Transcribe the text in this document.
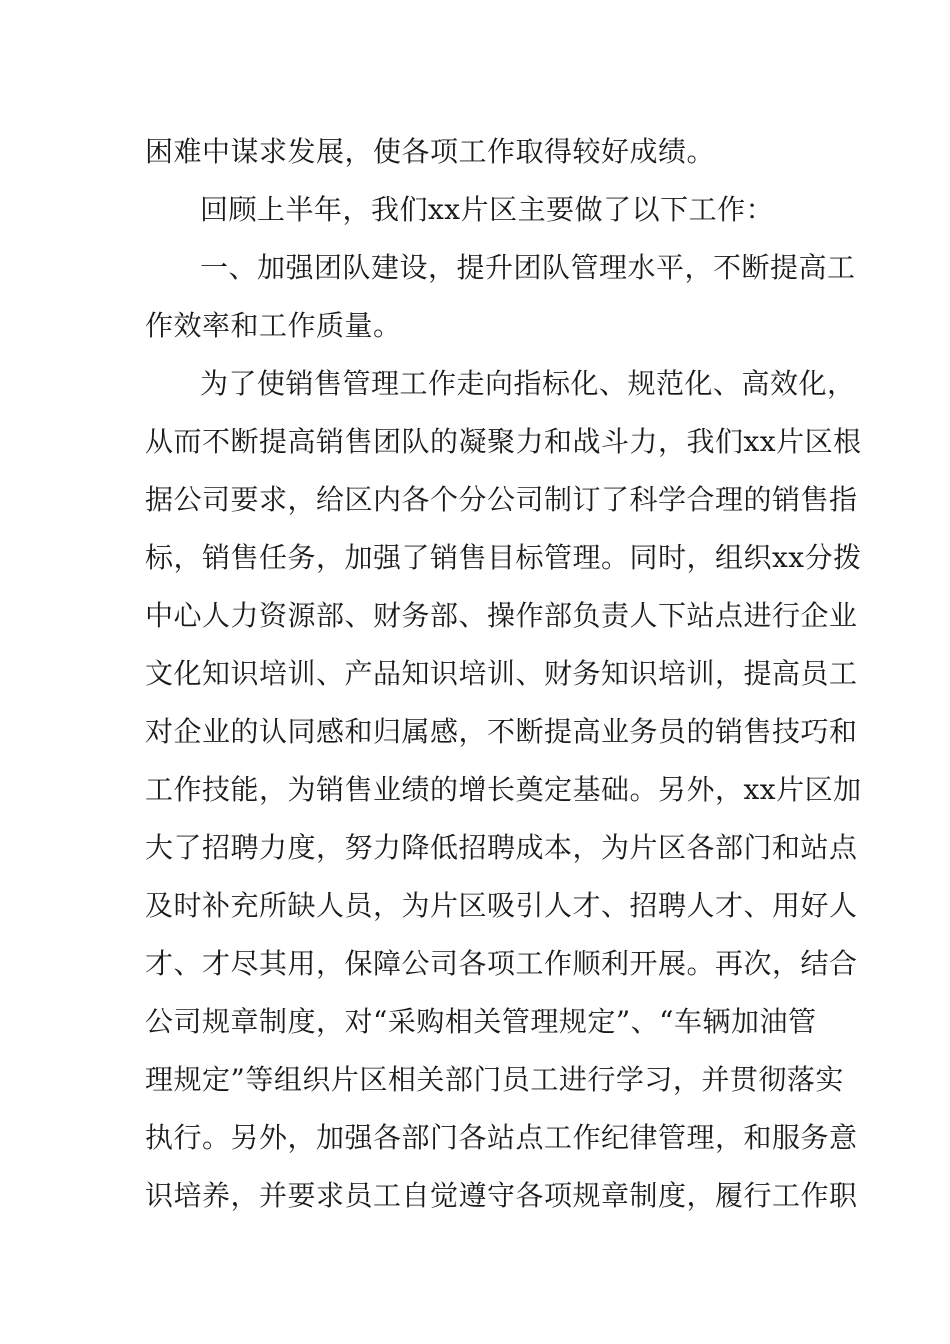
困难中谋求发展，使各项工作取得较好成绩。
回顾上半年，我们xx片区主要做了以下工作：
一、加强团队建设，提升团队管理水平，不断提高工
作效率和工作质量。
为了使销售管理工作走向指标化、规范化、高效化，
从而不断提高销售团队的凝聚力和战斗力，我们xx片区根
据公司要求，给区内各个分公司制订了科学合理的销售指
标，销售任务，加强了销售目标管理。同时，组织xx分拨
中心人力资源部、财务部、操作部负责人下站点进行企业
文化知识培训、产品知识培训、财务知识培训，提高员工
对企业的认同感和归属感，不断提高业务员的销售技巧和
工作技能，为销售业绩的增长奠定基础。另外，xx片区加
大了招聘力度，努力降低招聘成本，为片区各部门和站点
及时补充所缺人员，为片区吸引人才、招聘人才、用好人
才、才尽其用，保障公司各项工作顺利开展。再次，结合
公司规章制度，对“采购相关管理规定”、“车辆加油管
理规定”等组织片区相关部门员工进行学习，并贯彻落实
执行。另外，加强各部门各站点工作纪律管理，和服务意
识培养，并要求员工自觉遵守各项规章制度，履行工作职
